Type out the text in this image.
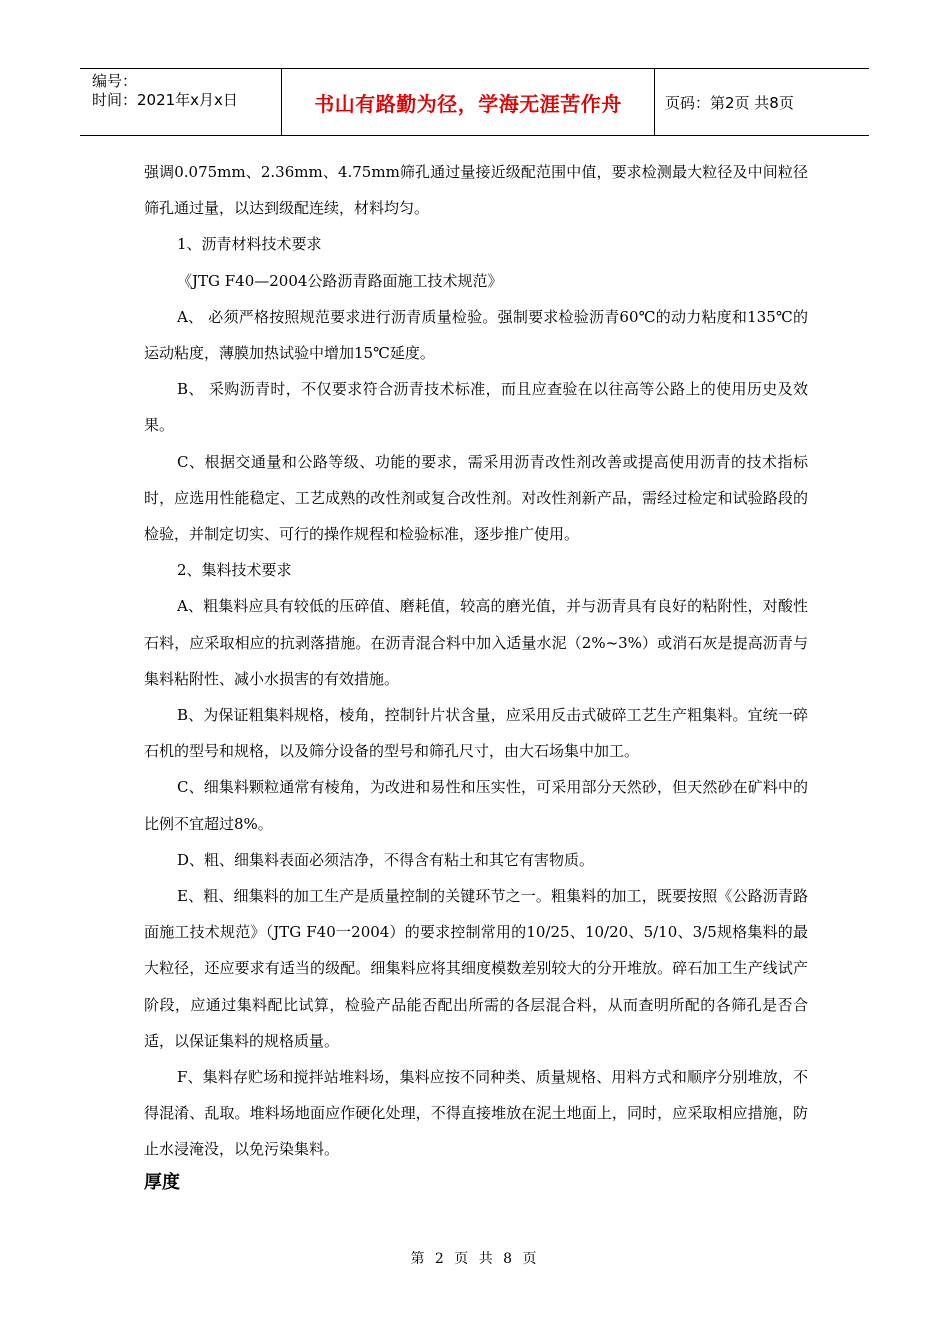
编号：
时间：2021年x月x日	书山有路勤为径，学海无涯苦作舟	页码：第2页 共8页

强调0.075mm、2.36mm、4.75mm筛孔通过量接近级配范围中值，要求检测最大粒径及中间粒径筛孔通过量，以达到级配连续，材料均匀。

1、沥青材料技术要求

《JTG F40—2004公路沥青路面施工技术规范》

A、 必须严格按照规范要求进行沥青质量检验。强制要求检验沥青60℃的动力粘度和135℃的运动粘度，薄膜加热试验中增加15℃延度。

B、 采购沥青时，不仅要求符合沥青技术标准，而且应查验在以往高等公路上的使用历史及效果。

C、根据交通量和公路等级、功能的要求，需采用沥青改性剂改善或提高使用沥青的技术指标时，应选用性能稳定、工艺成熟的改性剂或复合改性剂。对改性剂新产品，需经过检定和试验路段的检验，并制定切实、可行的操作规程和检验标准，逐步推广使用。

2、集料技术要求

A、粗集料应具有较低的压碎值、磨耗值，较高的磨光值，并与沥青具有良好的粘附性，对酸性石料，应采取相应的抗剥落措施。在沥青混合料中加入适量水泥（2%~3%）或消石灰是提高沥青与集料粘附性、减小水损害的有效措施。

B、为保证粗集料规格，棱角，控制针片状含量，应采用反击式破碎工艺生产粗集料。宜统一碎石机的型号和规格，以及筛分设备的型号和筛孔尺寸，由大石场集中加工。

C、细集料颗粒通常有棱角，为改进和易性和压实性，可采用部分天然砂，但天然砂在矿料中的比例不宜超过8%。

D、粗、细集料表面必须洁净，不得含有粘土和其它有害物质。

E、粗、细集料的加工生产是质量控制的关键环节之一。粗集料的加工，既要按照《公路沥青路面施工技术规范》（JTG F40一2004）的要求控制常用的10/25、10/20、5/10、3/5规格集料的最大粒径，还应要求有适当的级配。细集料应将其细度模数差别较大的分开堆放。碎石加工生产线试产阶段，应通过集料配比试算，检验产品能否配出所需的各层混合料，从而查明所配的各筛孔是否合适，以保证集料的规格质量。

F、集料存贮场和搅拌站堆料场，集料应按不同种类、质量规格、用料方式和顺序分别堆放，不得混淆、乱取。堆料场地面应作硬化处理，不得直接堆放在泥土地面上，同时，应采取相应措施，防止水浸淹没，以免污染集料。

厚度
第 2 页 共 8 页
